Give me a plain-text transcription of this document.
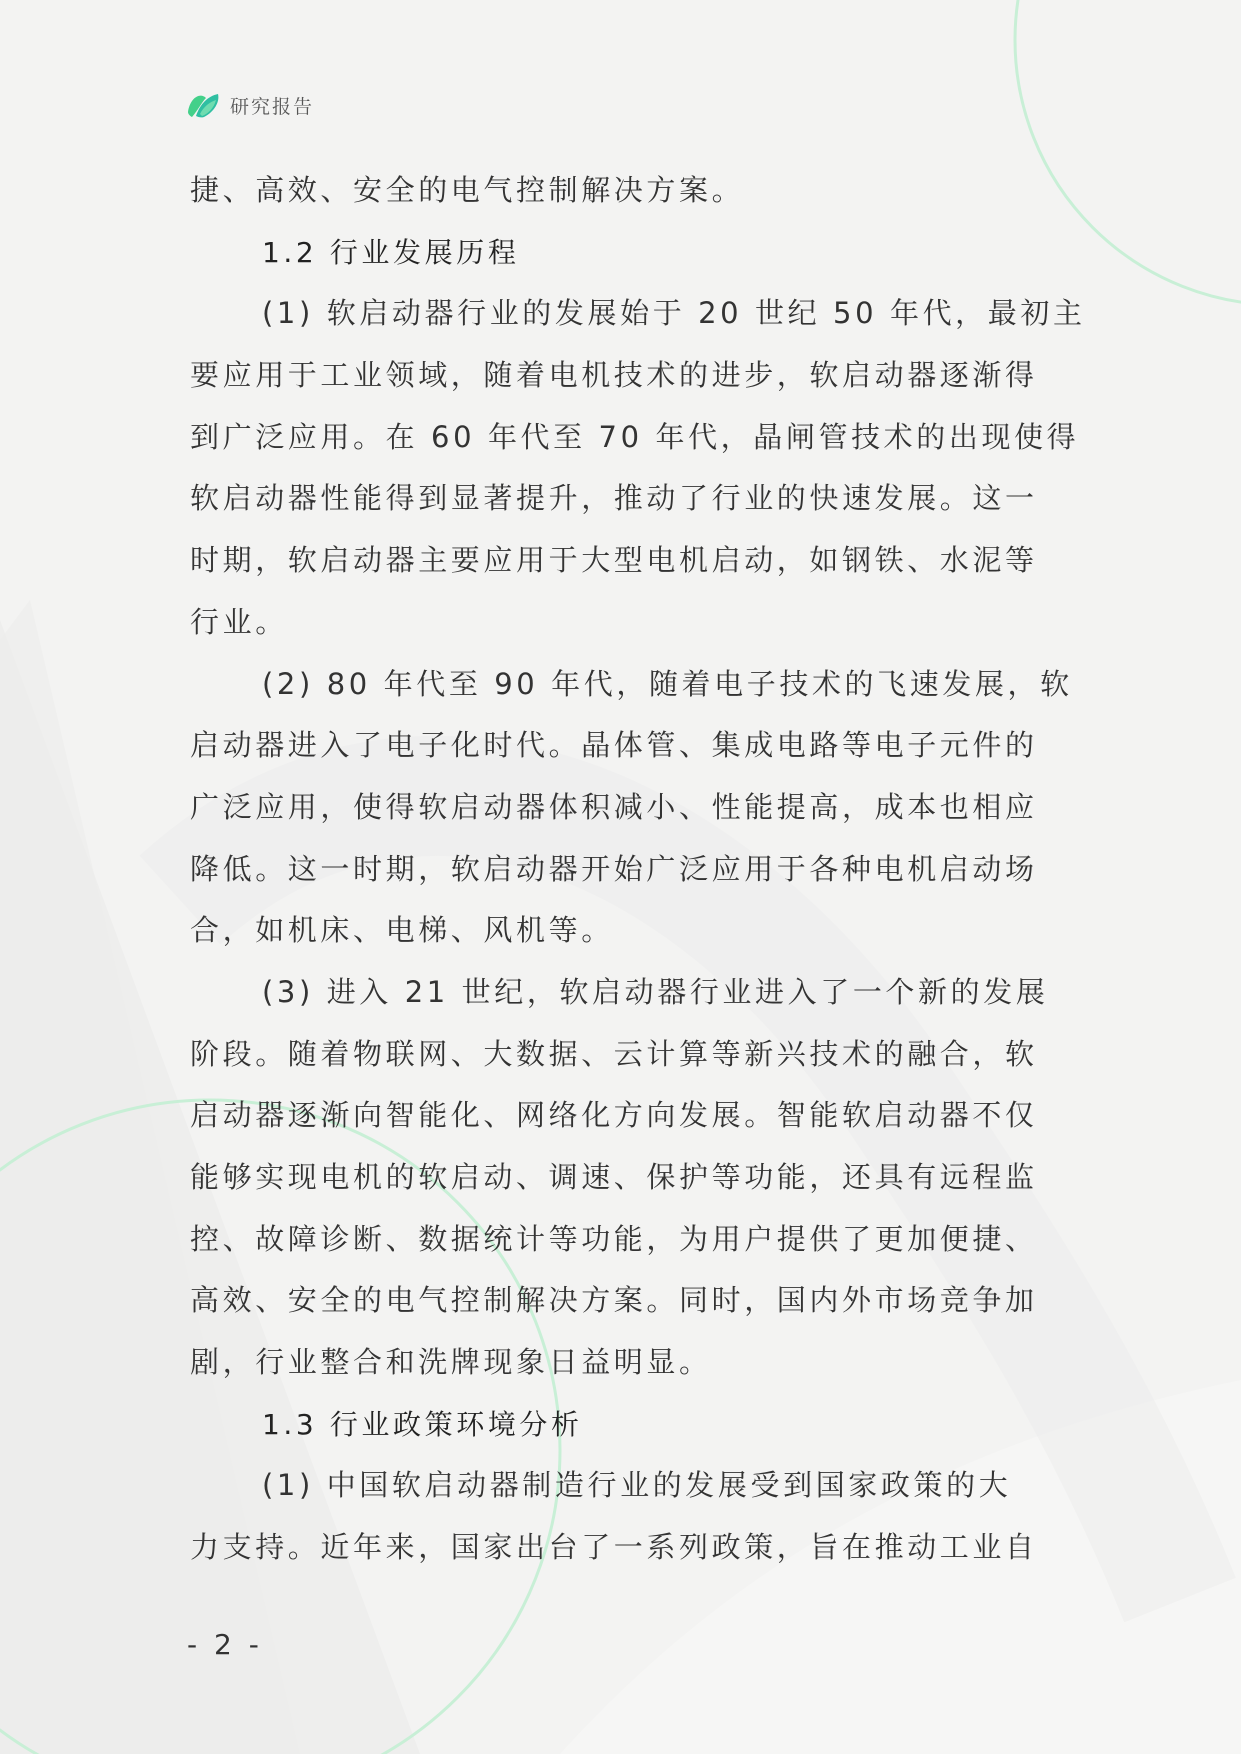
研究报告
捷、高效、安全的电气控制解决方案。
1.2 行业发展历程
(1) 软启动器行业的发展始于 20 世纪 50 年代，最初主
要应用于工业领域，随着电机技术的进步，软启动器逐渐得
到广泛应用。在 60 年代至 70 年代，晶闸管技术的出现使得
软启动器性能得到显著提升，推动了行业的快速发展。这一
时期，软启动器主要应用于大型电机启动，如钢铁、水泥等
行业。
(2) 80 年代至 90 年代，随着电子技术的飞速发展，软
启动器进入了电子化时代。晶体管、集成电路等电子元件的
广泛应用，使得软启动器体积减小、性能提高，成本也相应
降低。这一时期，软启动器开始广泛应用于各种电机启动场
合，如机床、电梯、风机等。
(3) 进入 21 世纪，软启动器行业进入了一个新的发展
阶段。随着物联网、大数据、云计算等新兴技术的融合，软
启动器逐渐向智能化、网络化方向发展。智能软启动器不仅
能够实现电机的软启动、调速、保护等功能，还具有远程监
控、故障诊断、数据统计等功能，为用户提供了更加便捷、
高效、安全的电气控制解决方案。同时，国内外市场竞争加
剧，行业整合和洗牌现象日益明显。
1.3 行业政策环境分析
(1) 中国软启动器制造行业的发展受到国家政策的大
力支持。近年来，国家出台了一系列政策，旨在推动工业自
- 2 -
